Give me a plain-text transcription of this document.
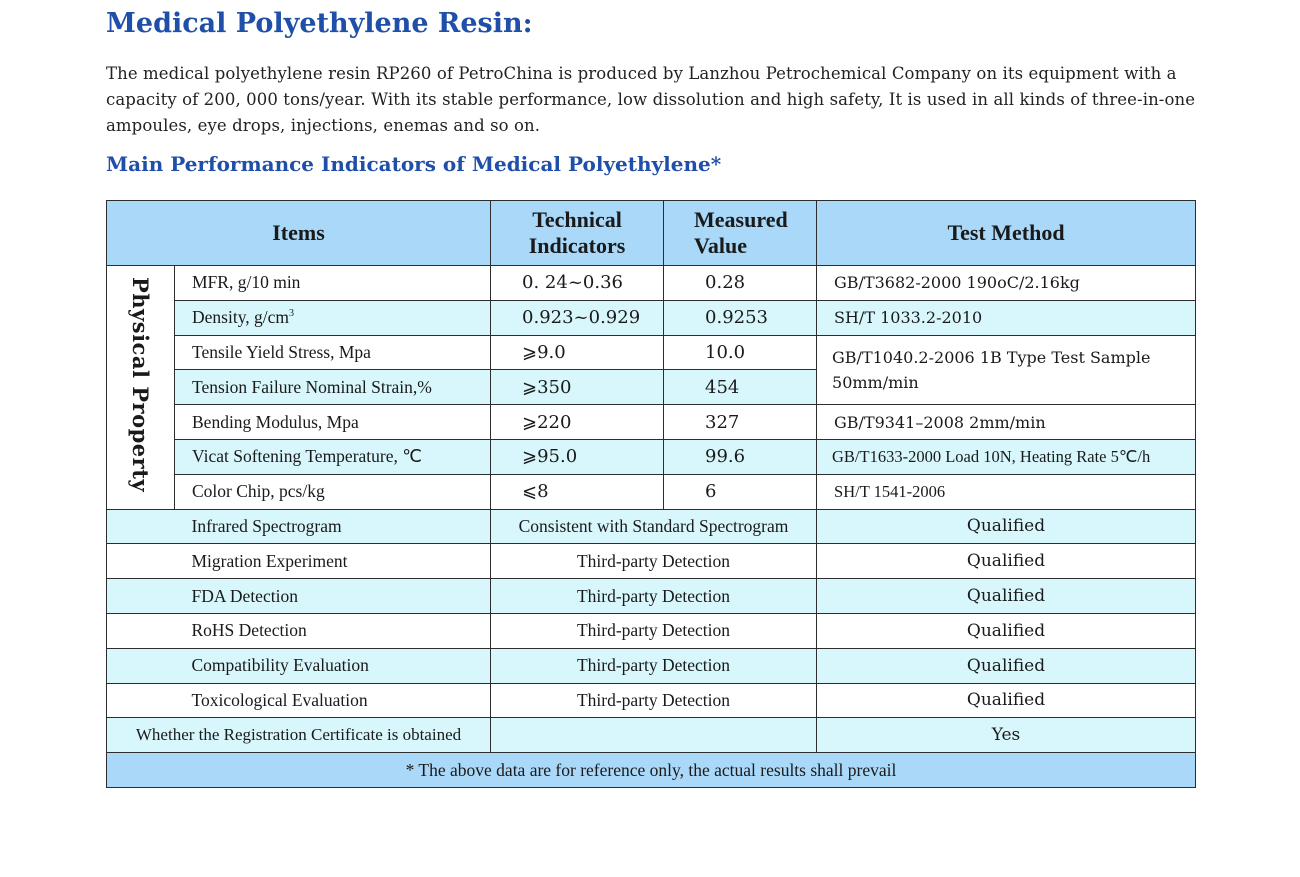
Medical Polyethylene Resin:

The medical polyethylene resin RP260 of PetroChina is produced by Lanzhou Petrochemical Company on its equipment with a capacity of 200, 000 tons/year. With its stable performance, low dissolution and high safety, It is used in all kinds of three-in-one ampoules, eye drops, injections, enemas and so on.

Main Performance Indicators of Medical Polyethylene*
Items		Technical Indicators	Measured Value	Test Method
Physical Property	MFR, g/10 min	0. 24~0.36	0.28	GB/T3682-2000 190oC/2.16kg
	Density, $g/cm^3$	0.923~0.929	0.9253	SH/T 1033.2-2010
	Tensile Yield Stress, Mpa	⩾9.0	10.0	GB/T1040.2-2006 1B Type Test Sample 50mm/min
	Tension Failure Nominal Strain,%	⩾350	454	
	Bending Modulus, Mpa	⩾220	327	GB/T9341–2008 2mm/min
	Vicat Softening Temperature, ℃	⩾95.0	99.6	GB/T1633-2000 Load 10N, Heating Rate 5℃/h
	Color Chip, pcs/kg	⩽8	6	SH/T 1541-2006
	Infrared Spectrogram	Consistent with Standard Spectrogram		Qualified
	Migration Experiment	Third-party Detection		Qualified
	FDA Detection	Third-party Detection		Qualified
	RoHS Detection	Third-party Detection		Qualified
	Compatibility Evaluation	Third-party Detection		Qualified
	Toxicological Evaluation	Third-party Detection		Qualified
Whether the Registration Certificate is obtained				Yes
* The above data are for reference only, the actual results shall prevail				
